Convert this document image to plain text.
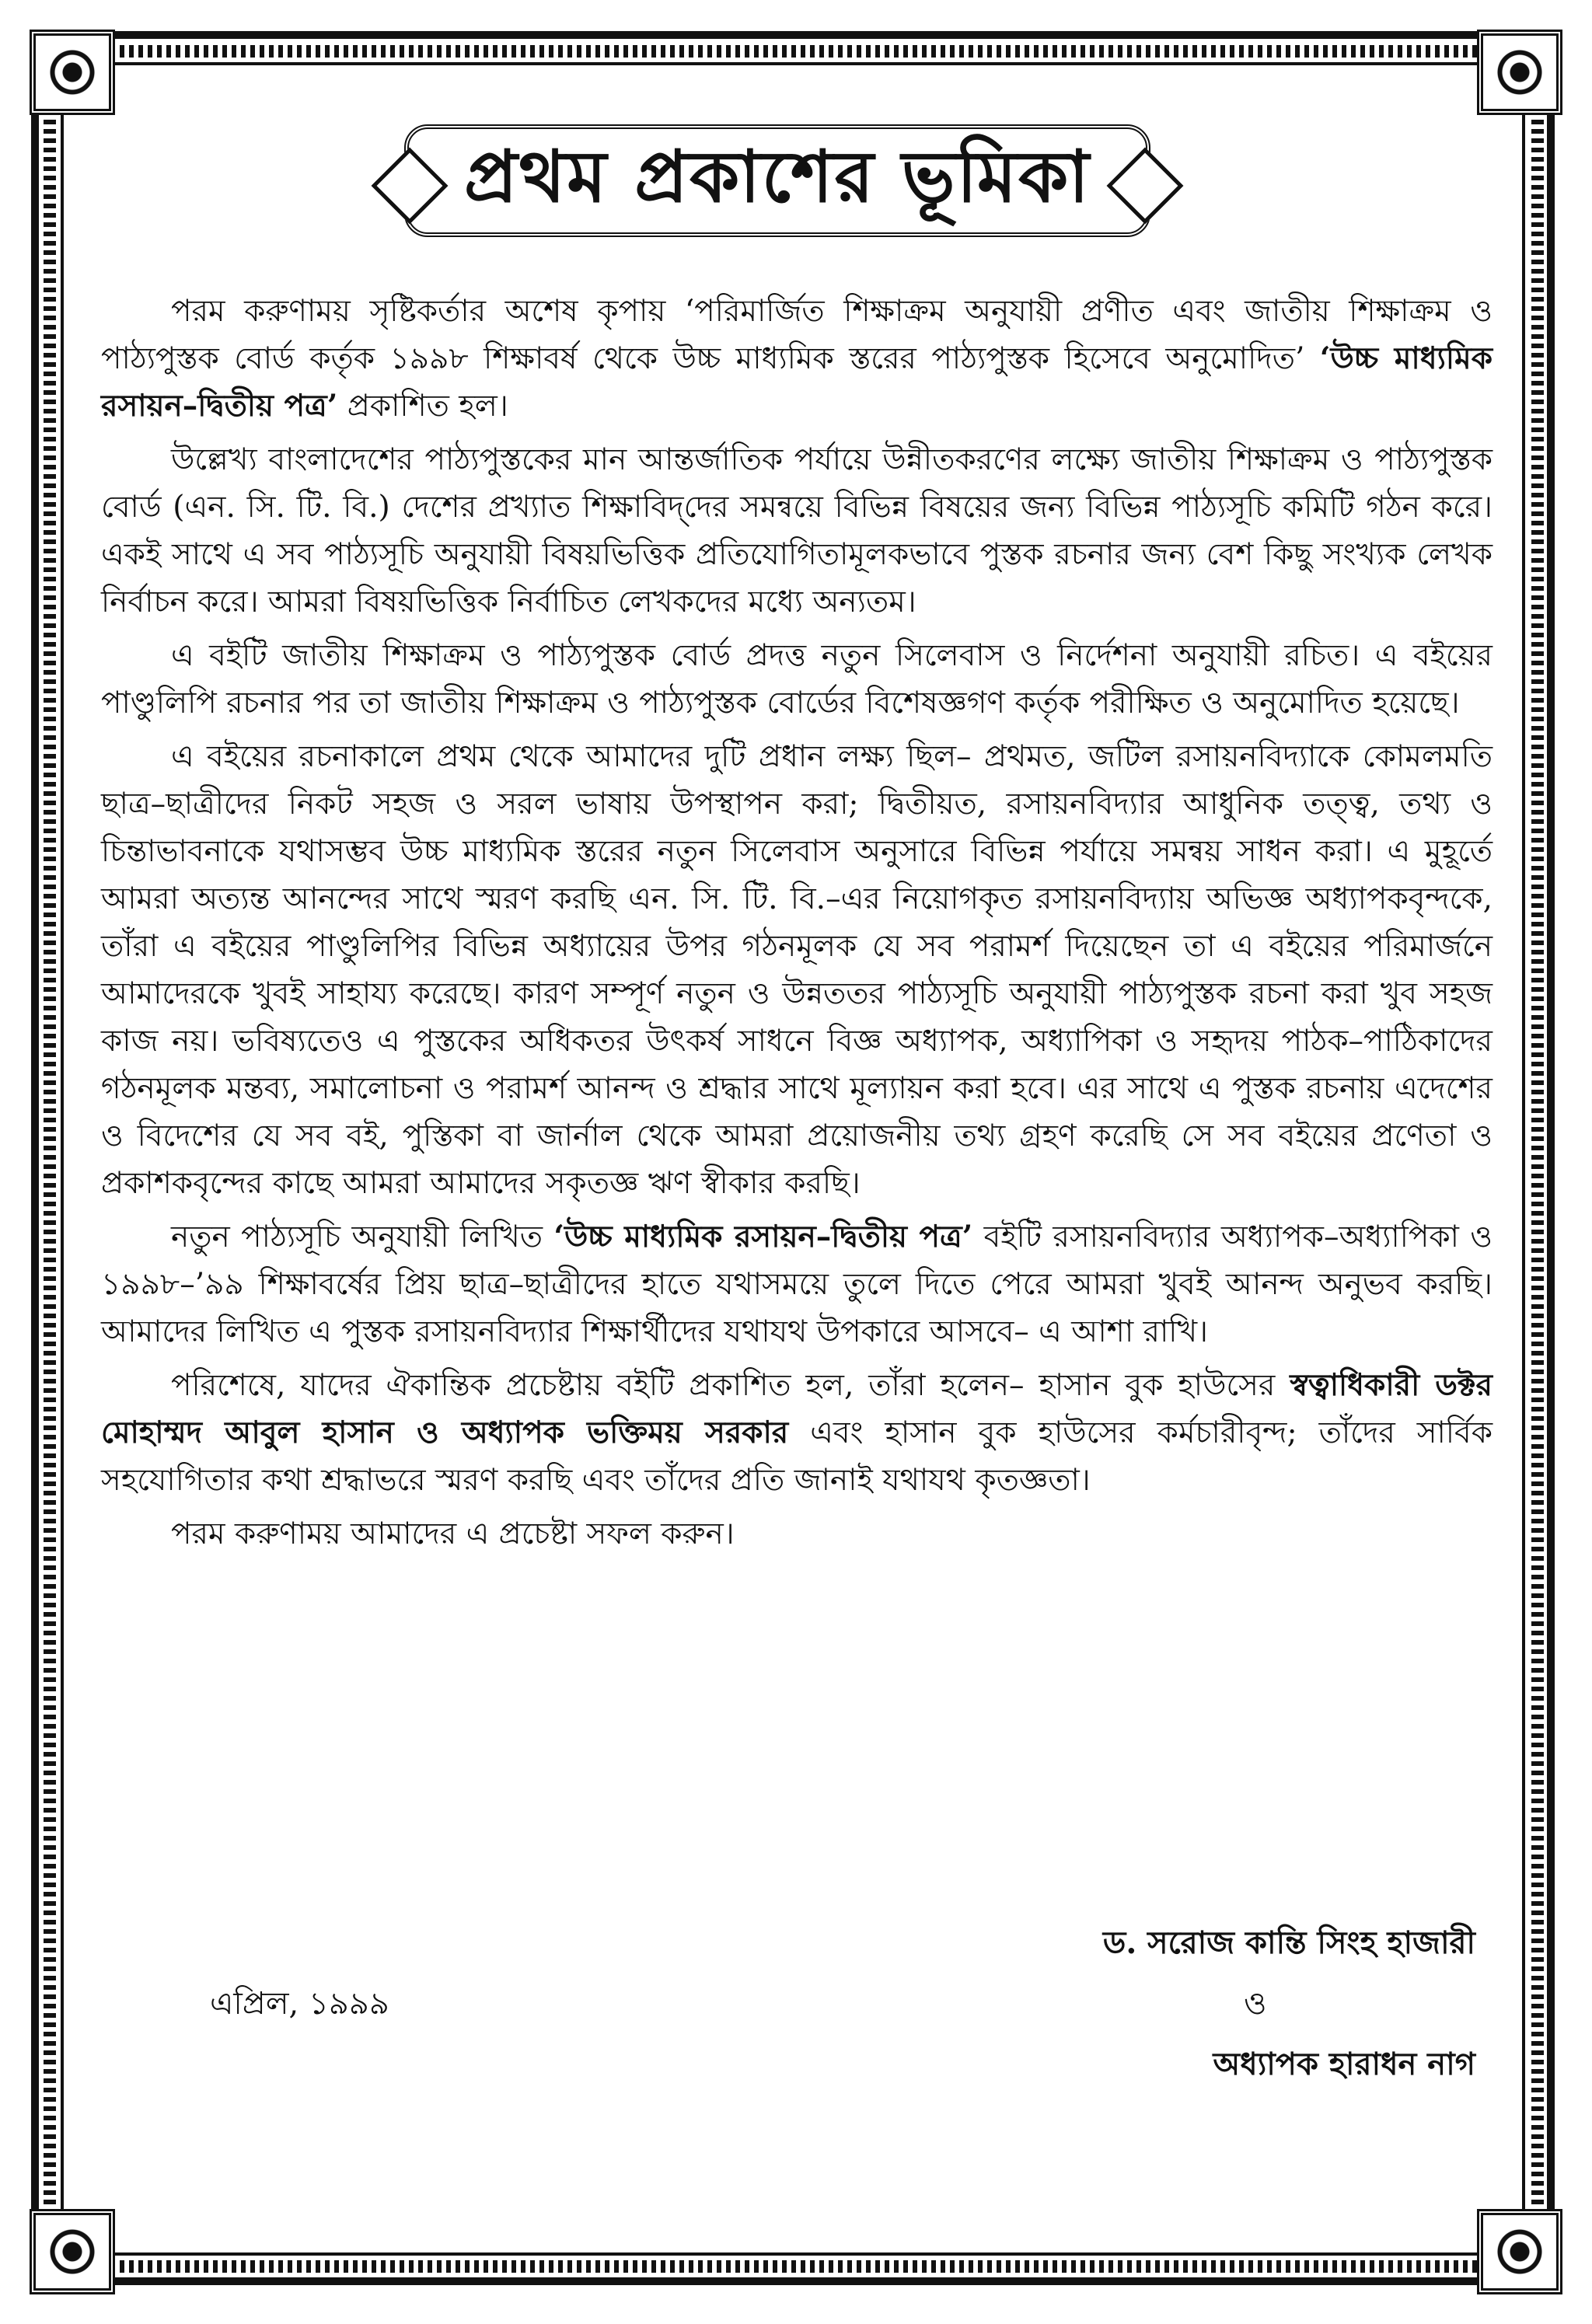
প্রথম প্রকাশের ভূমিকা

পরম করুণাময় সৃষ্টিকর্তার অশেষ কৃপায় ‘পরিমার্জিত শিক্ষাক্রম অনুযায়ী প্রণীত এবং জাতীয় শিক্ষাক্রম ও পাঠ্যপুস্তক বোর্ড কর্তৃক ১৯৯৮ শিক্ষাবর্ষ থেকে উচ্চ মাধ্যমিক স্তরের পাঠ্যপুস্তক হিসেবে অনুমোদিত’ ‘উচ্চ মাধ্যমিক রসায়ন–দ্বিতীয় পত্র’ প্রকাশিত হল।

উল্লেখ্য বাংলাদেশের পাঠ্যপুস্তকের মান আন্তর্জাতিক পর্যায়ে উন্নীতকরণের লক্ষ্যে জাতীয় শিক্ষাক্রম ও পাঠ্যপুস্তক বোর্ড (এন. সি. টি. বি.) দেশের প্রখ্যাত শিক্ষাবিদ্‌দের সমন্বয়ে বিভিন্ন বিষয়ের জন্য বিভিন্ন পাঠ্যসূচি কমিটি গঠন করে। একই সাথে এ সব পাঠ্যসূচি অনুযায়ী বিষয়ভিত্তিক প্রতিযোগিতামূলকভাবে পুস্তক রচনার জন্য বেশ কিছু সংখ্যক লেখক নির্বাচন করে। আমরা বিষয়ভিত্তিক নির্বাচিত লেখকদের মধ্যে অন্যতম।

এ বইটি জাতীয় শিক্ষাক্রম ও পাঠ্যপুস্তক বোর্ড প্রদত্ত নতুন সিলেবাস ও নির্দেশনা অনুযায়ী রচিত। এ বইয়ের পাণ্ডুলিপি রচনার পর তা জাতীয় শিক্ষাক্রম ও পাঠ্যপুস্তক বোর্ডের বিশেষজ্ঞগণ কর্তৃক পরীক্ষিত ও অনুমোদিত হয়েছে।

এ বইয়ের রচনাকালে প্রথম থেকে আমাদের দুটি প্রধান লক্ষ্য ছিল– প্রথমত, জটিল রসায়নবিদ্যাকে কোমলমতি ছাত্র–ছাত্রীদের নিকট সহজ ও সরল ভাষায় উপস্থাপন করা; দ্বিতীয়ত, রসায়নবিদ্যার আধুনিক তত্ত্ব, তথ্য ও চিন্তাভাবনাকে যথাসম্ভব উচ্চ মাধ্যমিক স্তরের নতুন সিলেবাস অনুসারে বিভিন্ন পর্যায়ে সমন্বয় সাধন করা। এ মুহূর্তে আমরা অত্যন্ত আনন্দের সাথে স্মরণ করছি এন. সি. টি. বি.–এর নিয়োগকৃত রসায়নবিদ্যায় অভিজ্ঞ অধ্যাপকবৃন্দকে, তাঁরা এ বইয়ের পাণ্ডুলিপির বিভিন্ন অধ্যায়ের উপর গঠনমূলক যে সব পরামর্শ দিয়েছেন তা এ বইয়ের পরিমার্জনে আমাদেরকে খুবই সাহায্য করেছে। কারণ সম্পূর্ণ নতুন ও উন্নততর পাঠ্যসূচি অনুযায়ী পাঠ্যপুস্তক রচনা করা খুব সহজ কাজ নয়। ভবিষ্যতেও এ পুস্তকের অধিকতর উৎকর্ষ সাধনে বিজ্ঞ অধ্যাপক, অধ্যাপিকা ও সহৃদয় পাঠক–পাঠিকাদের গঠনমূলক মন্তব্য, সমালোচনা ও পরামর্শ আনন্দ ও শ্রদ্ধার সাথে মূল্যায়ন করা হবে। এর সাথে এ পুস্তক রচনায় এদেশের ও বিদেশের যে সব বই, পুস্তিকা বা জার্নাল থেকে আমরা প্রয়োজনীয় তথ্য গ্রহণ করেছি সে সব বইয়ের প্রণেতা ও প্রকাশকবৃন্দের কাছে আমরা আমাদের সকৃতজ্ঞ ঋণ স্বীকার করছি।

নতুন পাঠ্যসূচি অনুযায়ী লিখিত ‘উচ্চ মাধ্যমিক রসায়ন–দ্বিতীয় পত্র’ বইটি রসায়নবিদ্যার অধ্যাপক–অধ্যাপিকা ও ১৯৯৮–’৯৯ শিক্ষাবর্ষের প্রিয় ছাত্র–ছাত্রীদের হাতে যথাসময়ে তুলে দিতে পেরে আমরা খুবই আনন্দ অনুভব করছি। আমাদের লিখিত এ পুস্তক রসায়নবিদ্যার শিক্ষার্থীদের যথাযথ উপকারে আসবে– এ আশা রাখি।

পরিশেষে, যাদের ঐকান্তিক প্রচেষ্টায় বইটি প্রকাশিত হল, তাঁরা হলেন– হাসান বুক হাউসের স্বত্বাধিকারী ডক্টর মোহাম্মদ আবুল হাসান ও অধ্যাপক ভক্তিময় সরকার এবং হাসান বুক হাউসের কর্মচারীবৃন্দ; তাঁদের সার্বিক সহযোগিতার কথা শ্রদ্ধাভরে স্মরণ করছি এবং তাঁদের প্রতি জানাই যথাযথ কৃতজ্ঞতা।

পরম করুণাময় আমাদের এ প্রচেষ্টা সফল করুন।

ড. সরোজ কান্তি সিংহ হাজারী
এপ্রিল, ১৯৯৯	ও
অধ্যাপক হারাধন নাগ
